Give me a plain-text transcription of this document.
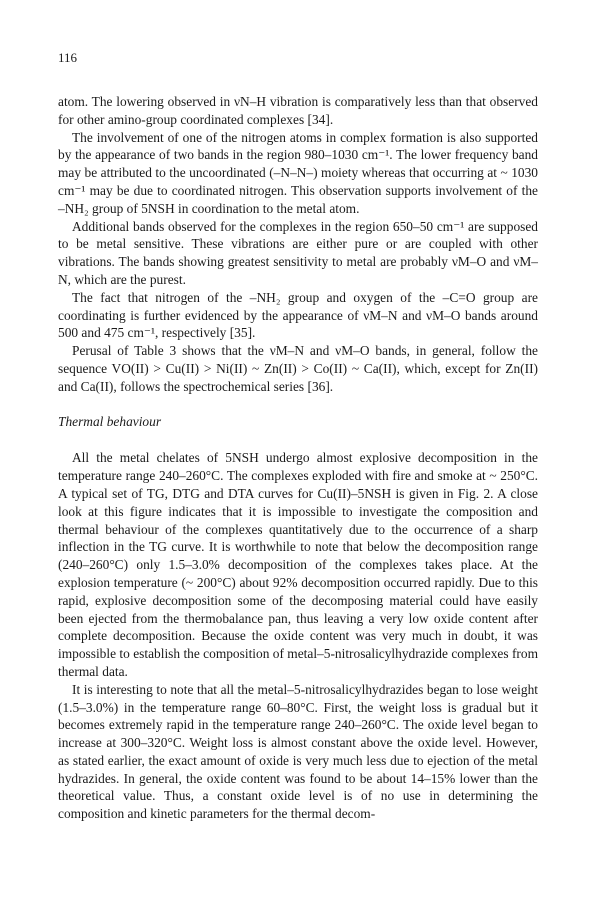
116

atom. The lowering observed in νN–H vibration is comparatively less than that observed for other amino-group coordinated complexes [34].

The involvement of one of the nitrogen atoms in complex formation is also supported by the appearance of two bands in the region 980–1030 cm⁻¹. The lower frequency band may be attributed to the uncoordinated (–N–N–) moiety whereas that occurring at ~ 1030 cm⁻¹ may be due to coordinated nitrogen. This observation supports involvement of the –NH₂ group of 5NSH in coordination to the metal atom.

Additional bands observed for the complexes in the region 650–50 cm⁻¹ are supposed to be metal sensitive. These vibrations are either pure or are coupled with other vibrations. The bands showing greatest sensitivity to metal are probably νM–O and νM–N, which are the purest.

The fact that nitrogen of the –NH₂ group and oxygen of the –C=O group are coordinating is further evidenced by the appearance of νM–N and νM–O bands around 500 and 475 cm⁻¹, respectively [35].

Perusal of Table 3 shows that the νM–N and νM–O bands, in general, follow the sequence VO(II) > Cu(II) > Ni(II) ~ Zn(II) > Co(II) ~ Ca(II), which, except for Zn(II) and Ca(II), follows the spectrochemical series [36].

Thermal behaviour

All the metal chelates of 5NSH undergo almost explosive decomposition in the temperature range 240–260°C. The complexes exploded with fire and smoke at ~ 250°C. A typical set of TG, DTG and DTA curves for Cu(II)–5NSH is given in Fig. 2. A close look at this figure indicates that it is impossible to investigate the composition and thermal behaviour of the complexes quantitatively due to the occurrence of a sharp inflection in the TG curve. It is worthwhile to note that below the decomposition range (240–260°C) only 1.5–3.0% decomposition of the complexes takes place. At the explosion temperature (~ 200°C) about 92% decomposition occurred rapidly. Due to this rapid, explosive decomposition some of the decomposing material could have easily been ejected from the thermobalance pan, thus leaving a very low oxide content after complete decomposition. Because the oxide content was very much in doubt, it was impossible to establish the composition of metal–5-nitrosalicylhydrazide complexes from thermal data.

It is interesting to note that all the metal–5-nitrosalicylhydrazides began to lose weight (1.5–3.0%) in the temperature range 60–80°C. First, the weight loss is gradual but it becomes extremely rapid in the temperature range 240–260°C. The oxide level began to increase at 300–320°C. Weight loss is almost constant above the oxide level. However, as stated earlier, the exact amount of oxide is very much less due to ejection of the metal hydrazides. In general, the oxide content was found to be about 14–15% lower than the theoretical value. Thus, a constant oxide level is of no use in determining the composition and kinetic parameters for the thermal decom-
